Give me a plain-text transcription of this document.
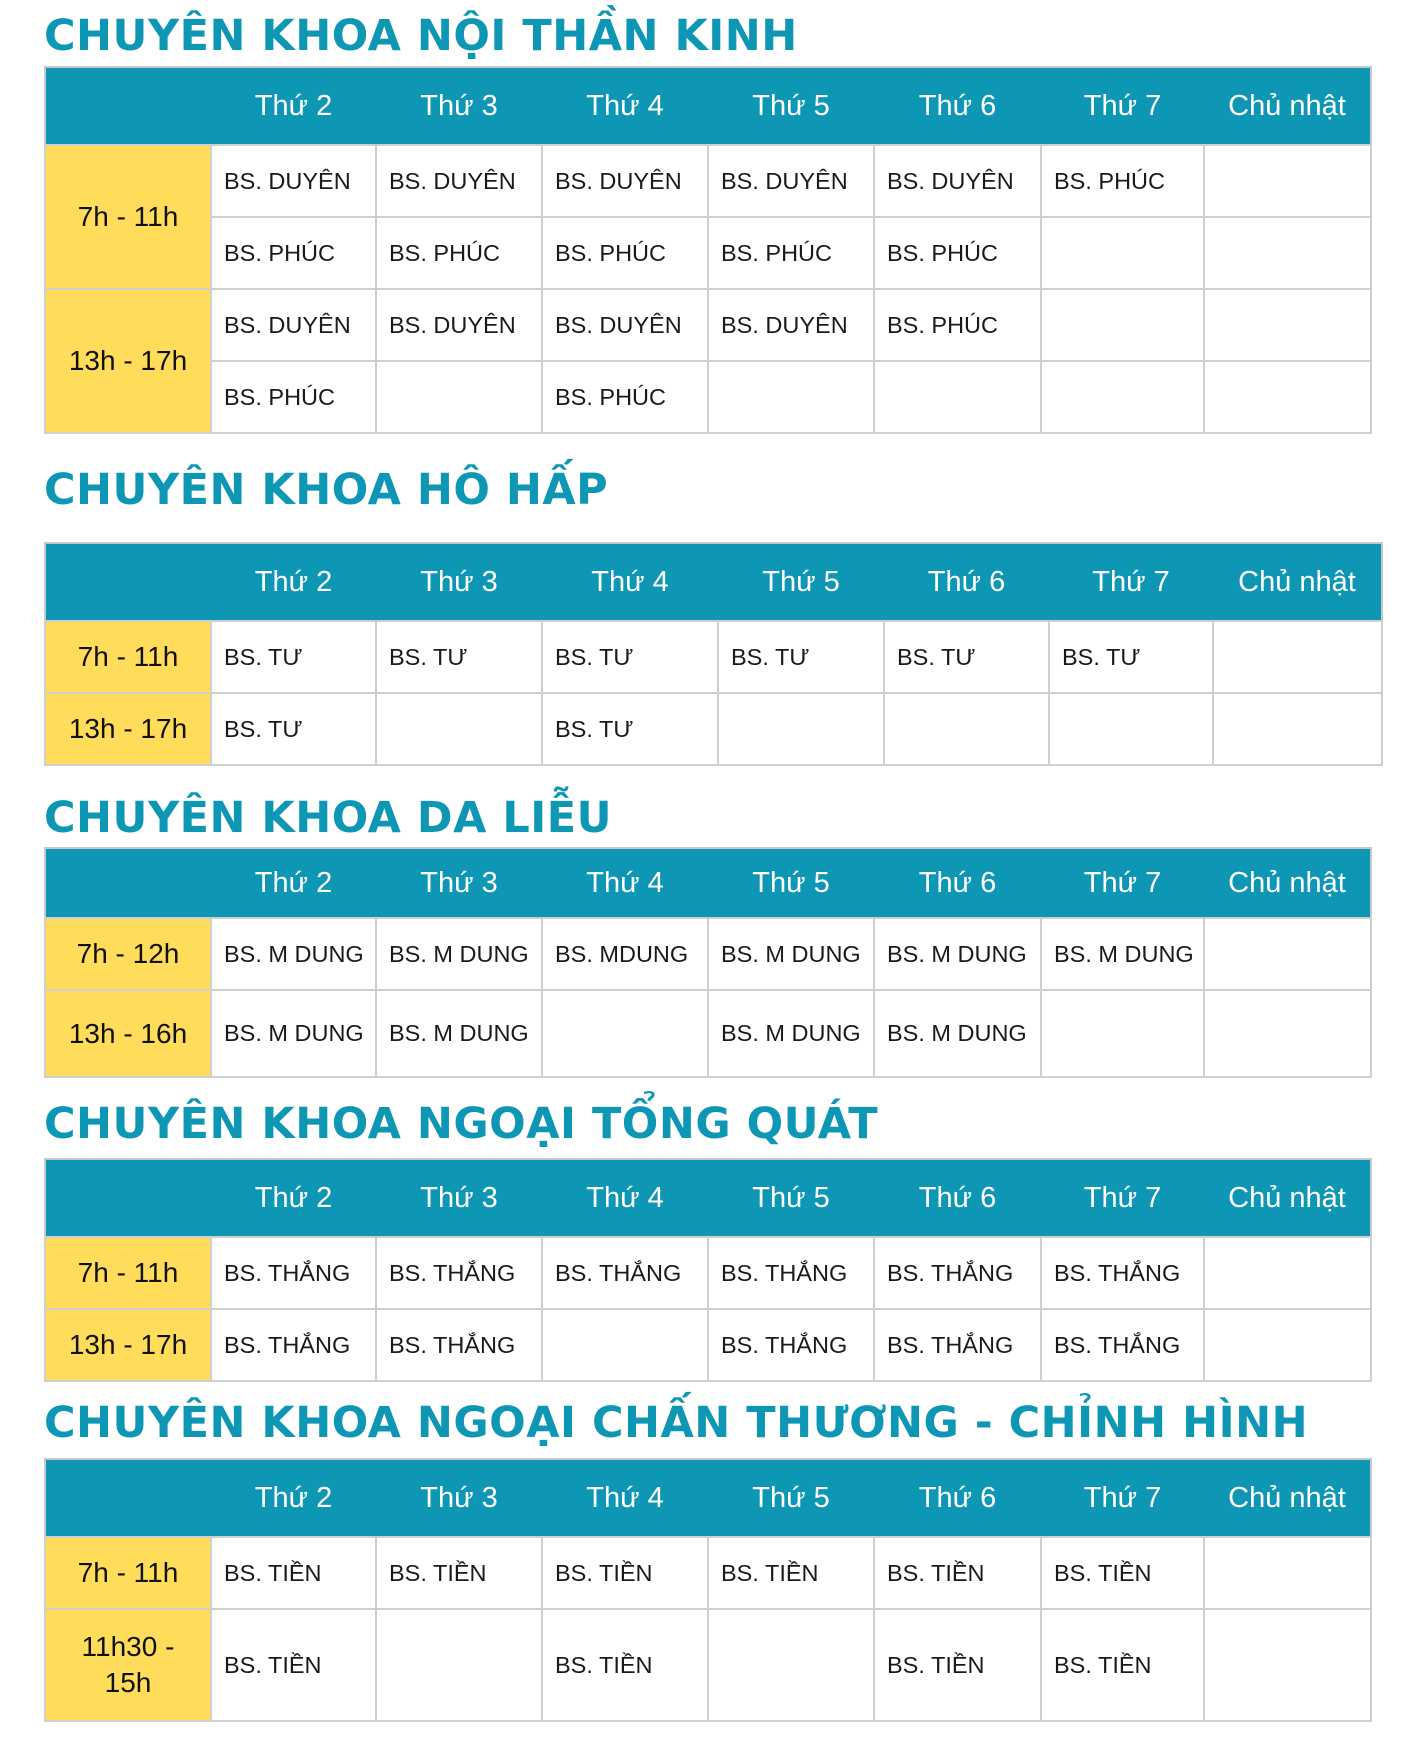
CHUYÊN KHOA NỘI THẦN KINH
	Thứ 2	Thứ 3	Thứ 4	Thứ 5	Thứ 6	Thứ 7	Chủ nhật
7h - 11h	BS. DUYÊN	BS. DUYÊN	BS. DUYÊN	BS. DUYÊN	BS. DUYÊN	BS. PHÚC	
	BS. PHÚC	BS. PHÚC	BS. PHÚC	BS. PHÚC	BS. PHÚC		
13h - 17h	BS. DUYÊN	BS. DUYÊN	BS. DUYÊN	BS. DUYÊN	BS. PHÚC		
	BS. PHÚC		BS. PHÚC				
CHUYÊN KHOA HÔ HẤP
	Thứ 2	Thứ 3	Thứ 4	Thứ 5	Thứ 6	Thứ 7	Chủ nhật
7h - 11h	BS. TƯ	BS. TƯ	BS. TƯ	BS. TƯ	BS. TƯ	BS. TƯ	
13h - 17h	BS. TƯ		BS. TƯ				
CHUYÊN KHOA DA LIỄU
	Thứ 2	Thứ 3	Thứ 4	Thứ 5	Thứ 6	Thứ 7	Chủ nhật
7h - 12h	BS. M DUNG	BS. M DUNG	BS. MDUNG	BS. M DUNG	BS. M DUNG	BS. M DUNG	
13h - 16h	BS. M DUNG	BS. M DUNG		BS. M DUNG	BS. M DUNG		
CHUYÊN KHOA NGOẠI TỔNG QUÁT
	Thứ 2	Thứ 3	Thứ 4	Thứ 5	Thứ 6	Thứ 7	Chủ nhật
7h - 11h	BS. THẮNG	BS. THẮNG	BS. THẮNG	BS. THẮNG	BS. THẮNG	BS. THẮNG	
13h - 17h	BS. THẮNG	BS. THẮNG		BS. THẮNG	BS. THẮNG	BS. THẮNG	
CHUYÊN KHOA NGOẠI CHẤN THƯƠNG - CHỈNH HÌNH
	Thứ 2	Thứ 3	Thứ 4	Thứ 5	Thứ 6	Thứ 7	Chủ nhật
7h - 11h	BS. TIỀN	BS. TIỀN	BS. TIỀN	BS. TIỀN	BS. TIỀN	BS. TIỀN	
11h30 - 15h	BS. TIỀN		BS. TIỀN		BS. TIỀN	BS. TIỀN	
